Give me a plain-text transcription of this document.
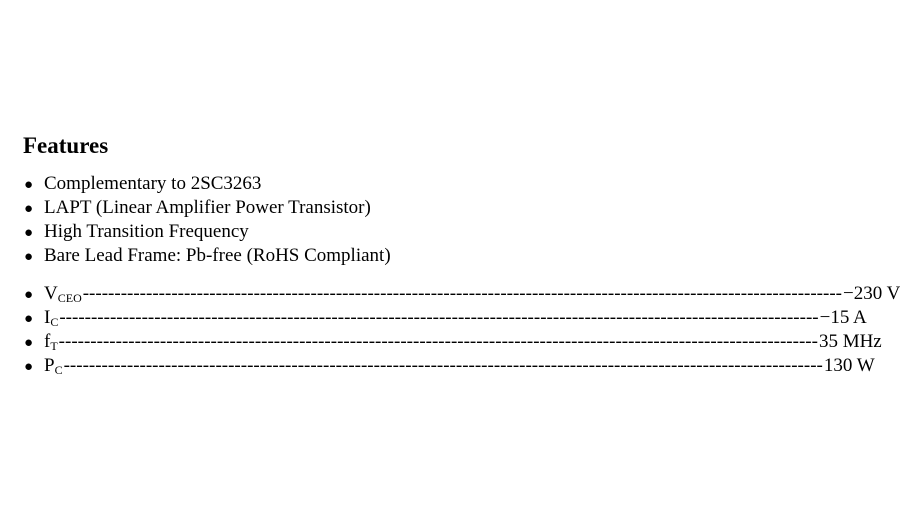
Features
● Complementary to 2SC3263
● LAPT (Linear Amplifier Power Transistor)
● High Transition Frequency
● Bare Lead Frame: Pb-free (RoHS Compliant)
● $V_{CEO}$ ------------------------------------------------------------------------------------------------------------------------ −230 V
● $I_C$ ------------------------------------------------------------------------------------------------------------------------ −15 A
● $f_T$ ------------------------------------------------------------------------------------------------------------------------ 35 MHz
● $P_C$ ------------------------------------------------------------------------------------------------------------------------ 130 W
